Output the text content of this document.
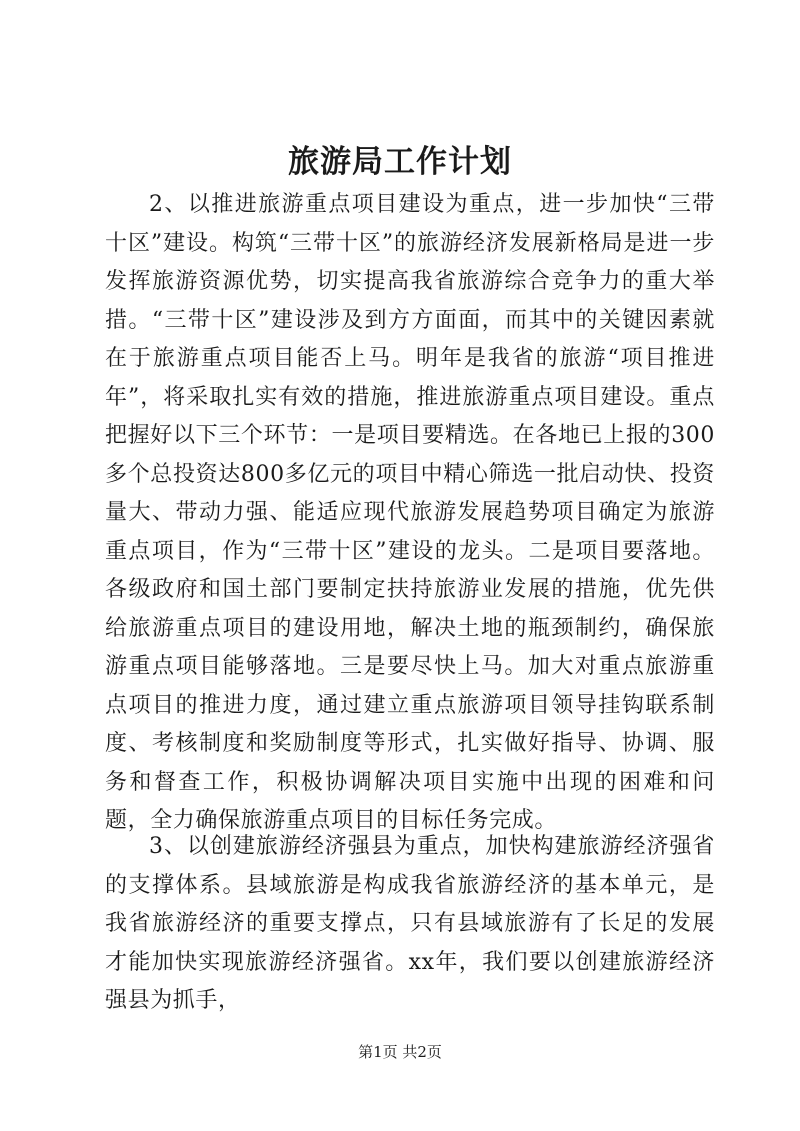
旅游局工作计划

2、以推进旅游重点项目建设为重点，进一步加快“三带十区”建设。构筑“三带十区”的旅游经济发展新格局是进一步发挥旅游资源优势，切实提高我省旅游综合竞争力的重大举措。“三带十区”建设涉及到方方面面，而其中的关键因素就在于旅游重点项目能否上马。明年是我省的旅游“项目推进年”，将采取扎实有效的措施，推进旅游重点项目建设。重点把握好以下三个环节：一是项目要精选。在各地已上报的300多个总投资达800多亿元的项目中精心筛选一批启动快、投资量大、带动力强、能适应现代旅游发展趋势项目确定为旅游重点项目，作为“三带十区”建设的龙头。二是项目要落地。各级政府和国土部门要制定扶持旅游业发展的措施，优先供给旅游重点项目的建设用地，解决土地的瓶颈制约，确保旅游重点项目能够落地。三是要尽快上马。加大对重点旅游重点项目的推进力度，通过建立重点旅游项目领导挂钩联系制度、考核制度和奖励制度等形式，扎实做好指导、协调、服务和督查工作，积极协调解决项目实施中出现的困难和问题，全力确保旅游重点项目的目标任务完成。

3、以创建旅游经济强县为重点，加快构建旅游经济强省的支撑体系。县域旅游是构成我省旅游经济的基本单元，是我省旅游经济的重要支撑点，只有县域旅游有了长足的发展才能加快实现旅游经济强省。xx年，我们要以创建旅游经济强县为抓手，

第1页 共2页
